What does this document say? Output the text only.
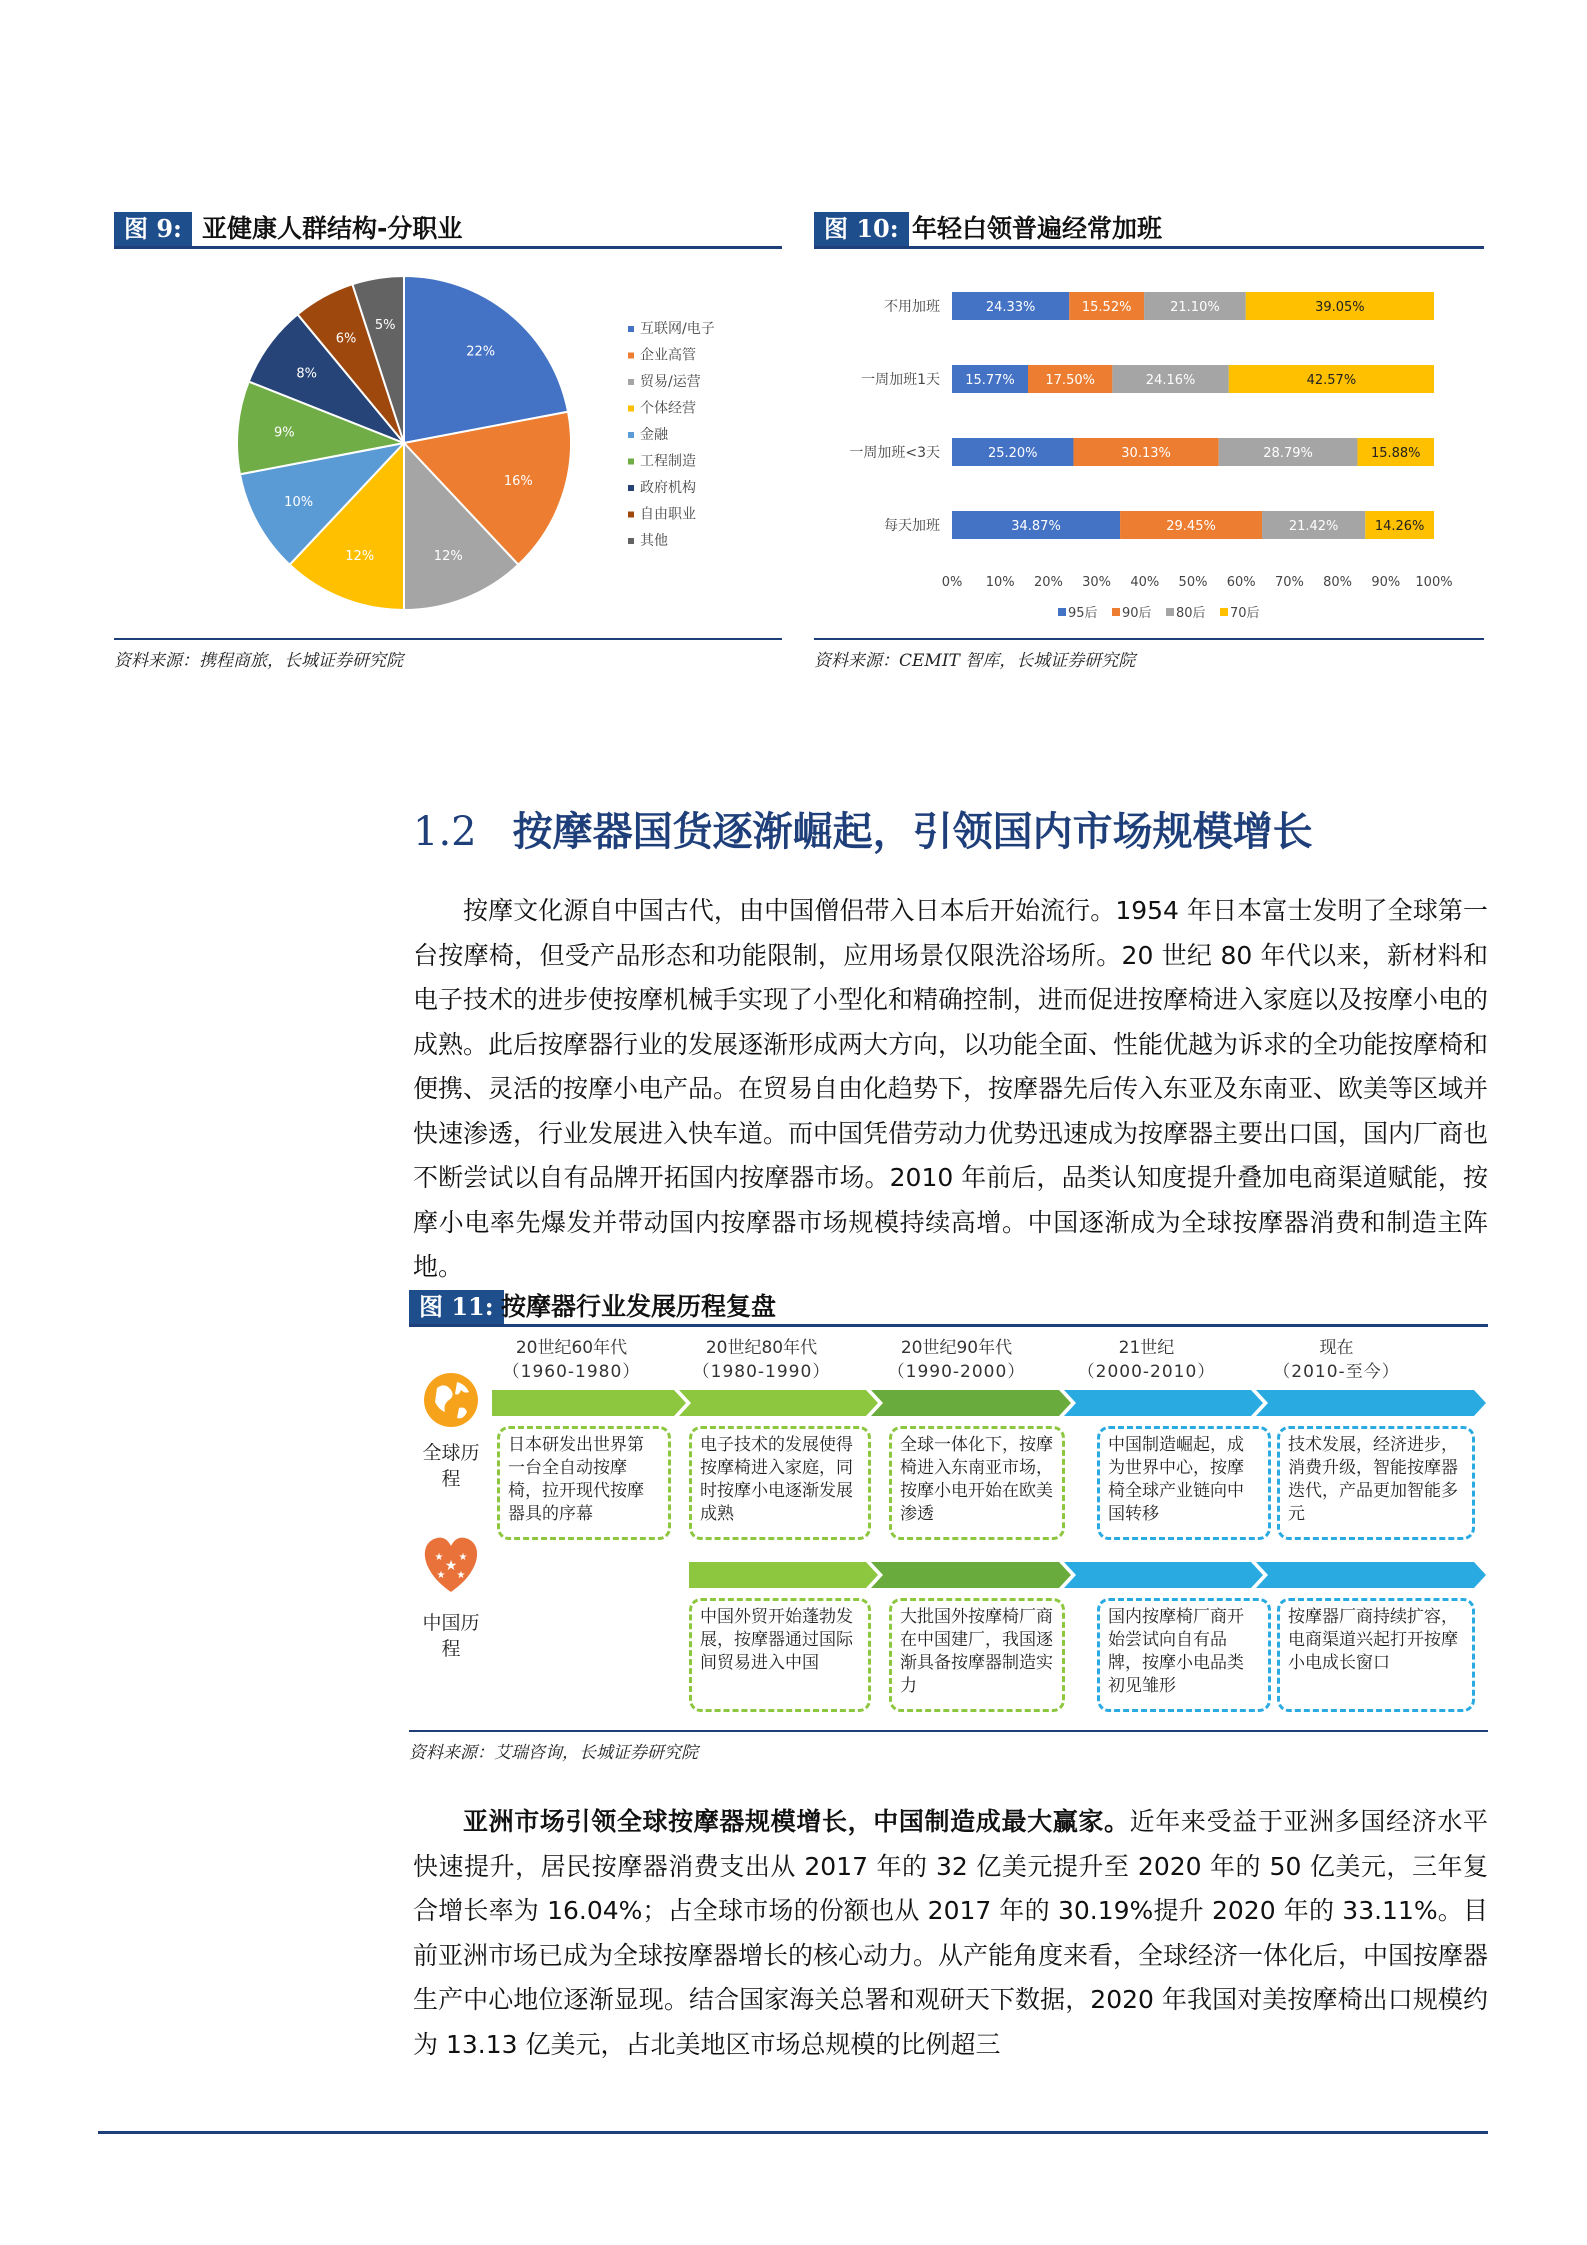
图 9: 亚健康人群结构-分职业
22%
16%
12%
12%
10%
9%
8%
6%
5%	互联网/电子
企业高管
贸易/运营
个体经营
金融
工程制造
政府机构
自由职业
其他
资料来源：携程商旅，长城证券研究院
图 10: 年轻白领普遍经常加班
不用加班	24.33%	15.52%	21.10%	39.05%
一周加班1天 15.77% 17.50%	24.16%	42.57%
一周加班<3天	25.20%	30.13%	28.79%	15.88%
每天加班	34.87%	29.45%	21.42%	14.26%
0% 10% 20% 30% 40% 50% 60% 70% 80% 90% 100%
95后 90后 80后 70后
资料来源：CEMIT 智库，长城证券研究院
1.2 按摩器国货逐渐崛起，引领国内市场规模增长

按摩文化源自中国古代，由中国僧侣带入日本后开始流行。1954 年日本富士发明了全球第一台按摩椅，但受产品形态和功能限制，应用场景仅限洗浴场所。20 世纪 80 年代以来，新材料和电子技术的进步使按摩机械手实现了小型化和精确控制，进而促进按摩椅进入家庭以及按摩小电的成熟。此后按摩器行业的发展逐渐形成两大方向，以功能全面、性能优越为诉求的全功能按摩椅和便携、灵活的按摩小电产品。在贸易自由化趋势下，按摩器先后传入东亚及东南亚、欧美等区域并快速渗透，行业发展进入快车道。而中国凭借劳动力优势迅速成为按摩器主要出口国，国内厂商也不断尝试以自有品牌开拓国内按摩器市场。2010 年前后，品类认知度提升叠加电商渠道赋能，按摩小电率先爆发并带动国内按摩器市场规模持续高增。中国逐渐成为全球按摩器消费和制造主阵地。

图 11: 按摩器行业发展历程复盘
20世纪60年代
（1960-1980）
20世纪80年代
（1980-1990）
20世纪90年代
（1990-2000）
21世纪
（2000-2010）
现在
（2010-至今）
★
★ ★
★ ★
全球历程
中国历程
日本研发出世界第一台全自动按摩椅，拉开现代按摩器具的序幕
电子技术的发展使得按摩椅进入家庭，同时按摩小电逐渐发展成熟
全球一体化下，按摩椅进入东南亚市场，按摩小电开始在欧美渗透
中国制造崛起，成为世界中心，按摩椅全球产业链向中国转移
技术发展，经济进步，消费升级，智能按摩器迭代，产品更加智能多元
中国外贸开始蓬勃发展，按摩器通过国际间贸易进入中国
大批国外按摩椅厂商在中国建厂，我国逐渐具备按摩器制造实力
国内按摩椅厂商开始尝试向自有品牌，按摩小电品类初见雏形
按摩器厂商持续扩容，电商渠道兴起打开按摩小电成长窗口
资料来源：艾瑞咨询，长城证券研究院

亚洲市场引领全球按摩器规模增长，中国制造成最大赢家。近年来受益于亚洲多国经济水平快速提升，居民按摩器消费支出从 2017 年的 32 亿美元提升至 2020 年的 50 亿美元，三年复合增长率为 16.04%；占全球市场的份额也从 2017 年的 30.19%提升 2020 年的 33.11%。目前亚洲市场已成为全球按摩器增长的核心动力。从产能角度来看，全球经济一体化后，中国按摩器生产中心地位逐渐显现。结合国家海关总署和观研天下数据，2020 年我国对美按摩椅出口规模约为 13.13 亿美元，占北美地区市场总规模的比例超三
